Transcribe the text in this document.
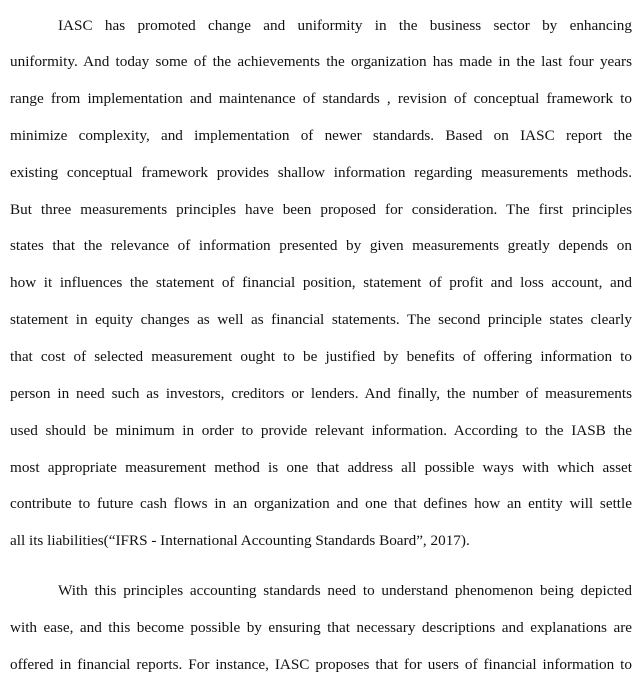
IASC has promoted change and uniformity in the business sector by enhancing
uniformity. And today some of the achievements the organization has made in the last four years
range from implementation and maintenance of standards , revision of conceptual framework to
minimize complexity, and implementation of newer standards. Based on IASC report the
existing conceptual framework provides shallow information regarding measurements methods.
But three measurements principles have been proposed for consideration. The first principles
states that the relevance of information presented by given measurements greatly depends on
how it influences the statement of financial position, statement of profit and loss account, and
statement in equity changes as well as financial statements. The second principle states clearly
that cost of selected measurement ought to be justified by benefits of offering information to
person in need such as investors, creditors or lenders. And finally, the number of measurements
used should be minimum in order to provide relevant information. According to the IASB the
most appropriate measurement method is one that address all possible ways with which asset
contribute to future cash flows in an organization and one that defines how an entity will settle
all its liabilities(“IFRS - International Accounting Standards Board”, 2017).
With this principles accounting standards need to understand phenomenon being depicted
with ease, and this become possible by ensuring that necessary descriptions and explanations are
offered in financial reports. For instance, IASC proposes that for users of financial information to
